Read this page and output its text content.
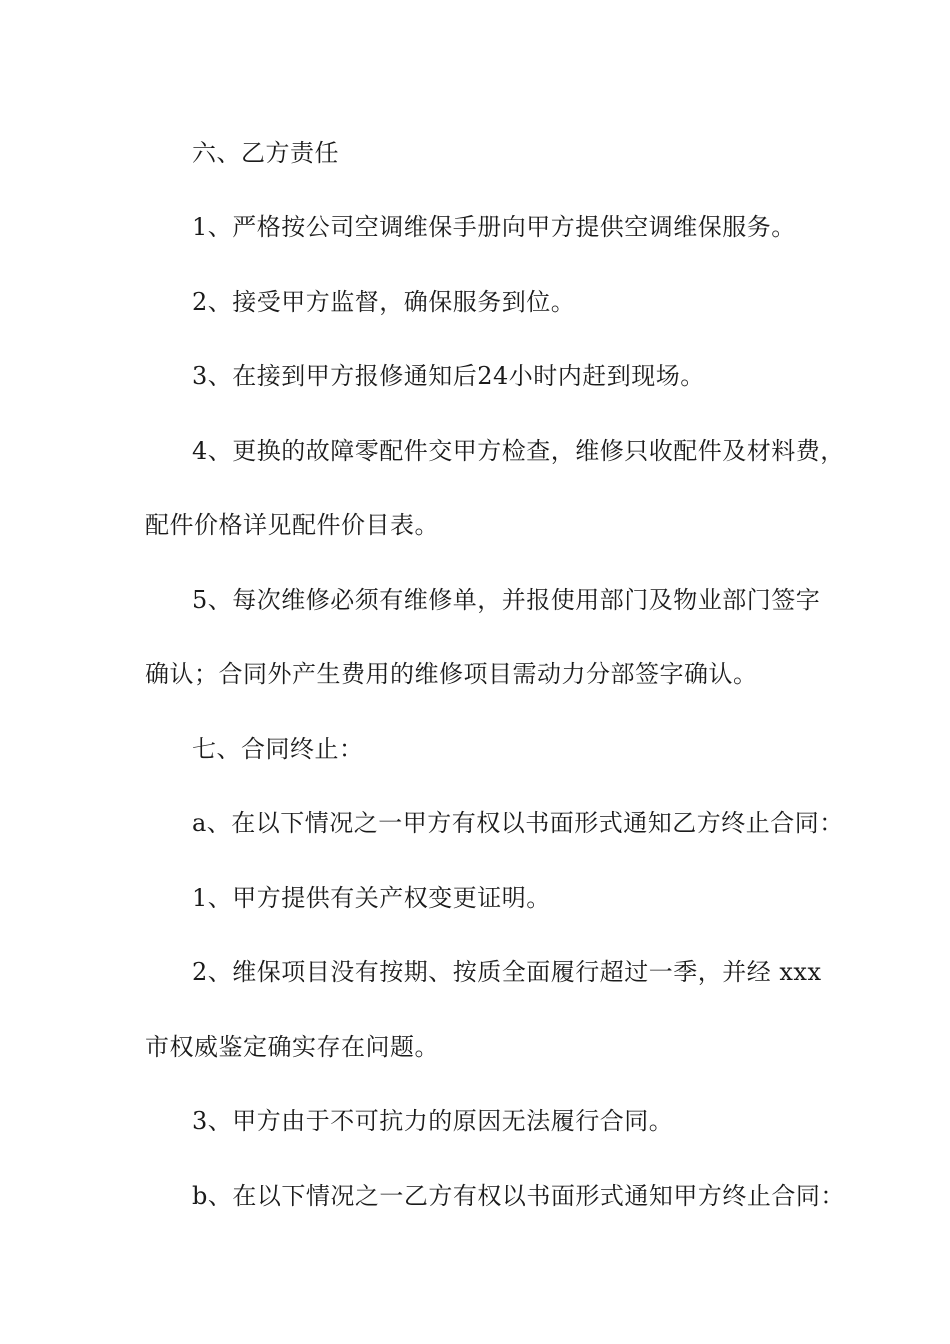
六、乙方责任
1、严格按公司空调维保手册向甲方提供空调维保服务。
2、接受甲方监督，确保服务到位。
3、在接到甲方报修通知后24小时内赶到现场。
4、更换的故障零配件交甲方检查，维修只收配件及材料费，
配件价格详见配件价目表。
5、每次维修必须有维修单，并报使用部门及物业部门签字
确认；合同外产生费用的维修项目需动力分部签字确认。
七、合同终止：
a、在以下情况之一甲方有权以书面形式通知乙方终止合同：
1、甲方提供有关产权变更证明。
2、维保项目没有按期、按质全面履行超过一季，并经 xxx
市权威鉴定确实存在问题。
3、甲方由于不可抗力的原因无法履行合同。
b、在以下情况之一乙方有权以书面形式通知甲方终止合同：
